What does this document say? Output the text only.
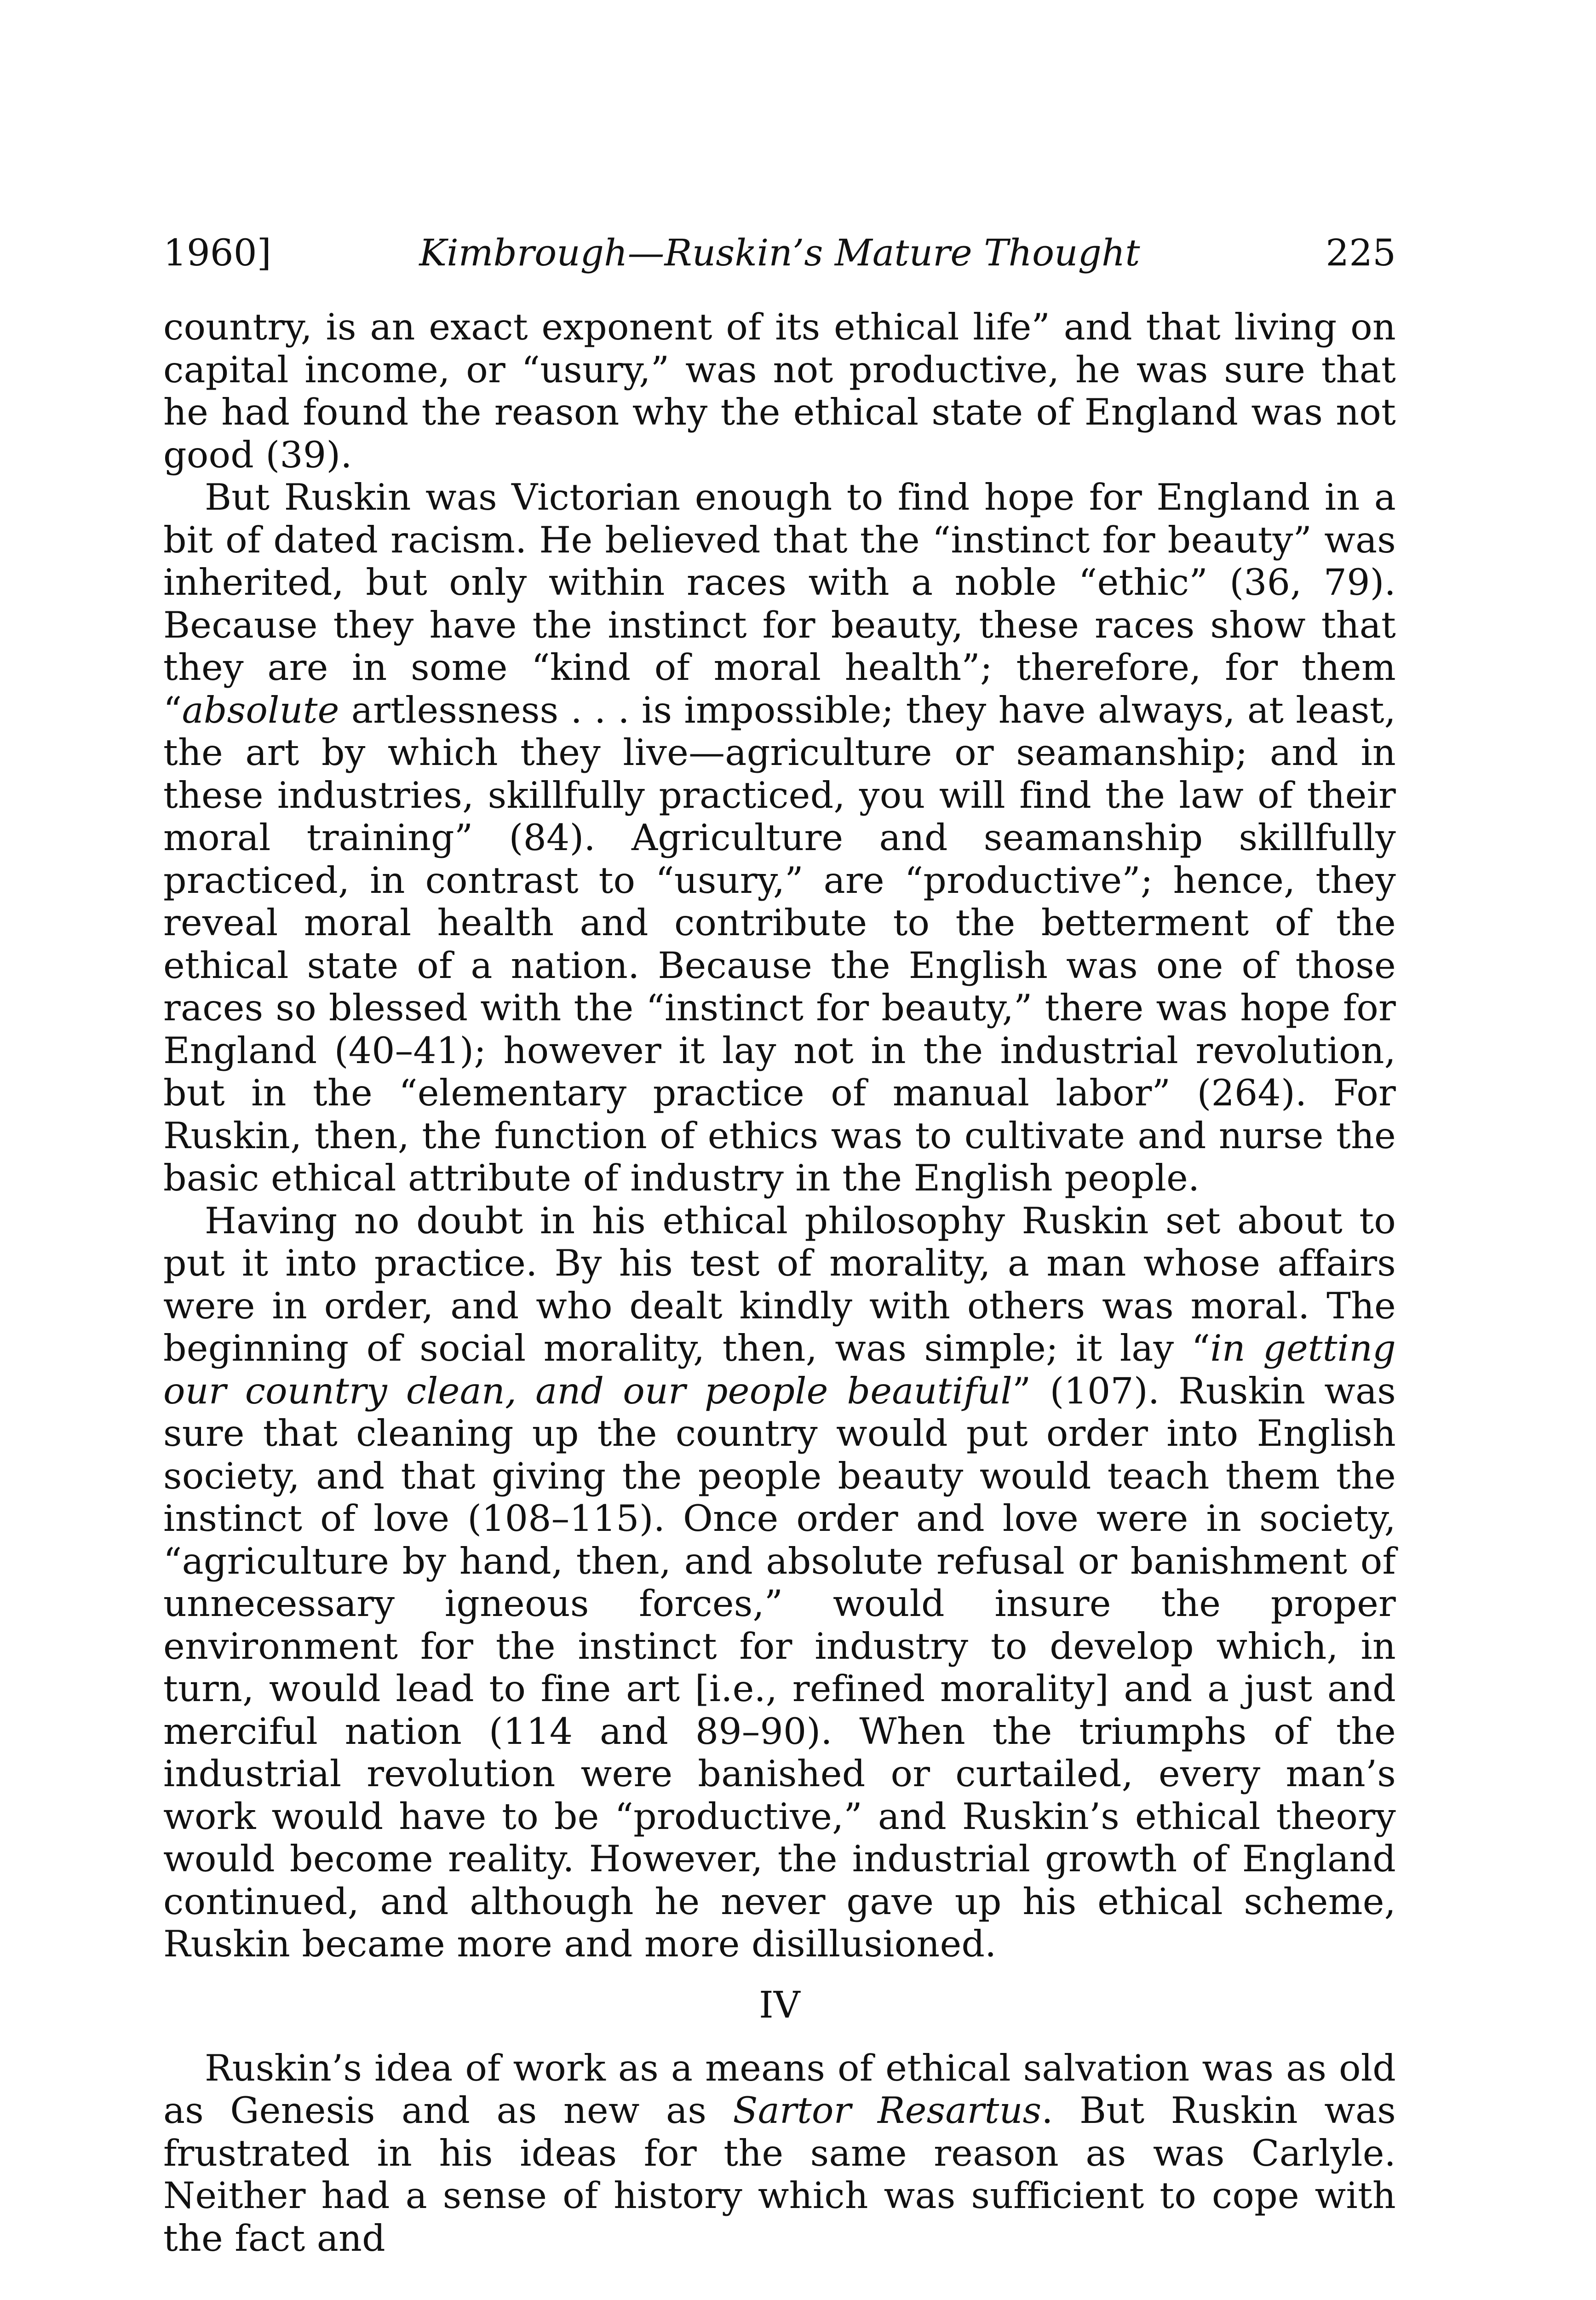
1960]	Kimbrough—Ruskin’s Mature Thought	225

country, is an exact exponent of its ethical life” and that living on capital income, or “usury,” was not productive, he was sure that he had found the reason why the ethical state of England was not good (39).

But Ruskin was Victorian enough to find hope for England in a bit of dated racism. He believed that the “instinct for beauty” was inherited, but only within races with a noble “ethic” (36, 79). Because they have the instinct for beauty, these races show that they are in some “kind of moral health”; therefore, for them “absolute artlessness . . . is impossible; they have always, at least, the art by which they live—agriculture or seamanship; and in these industries, skillfully practiced, you will find the law of their moral training” (84). Agriculture and seamanship skillfully practiced, in contrast to “usury,” are “productive”; hence, they reveal moral health and contribute to the betterment of the ethical state of a nation. Because the English was one of those races so blessed with the “instinct for beauty,” there was hope for England (40–41); however it lay not in the industrial revolution, but in the “elementary practice of manual labor” (264). For Ruskin, then, the function of ethics was to cultivate and nurse the basic ethical attribute of industry in the English people.

Having no doubt in his ethical philosophy Ruskin set about to put it into practice. By his test of morality, a man whose affairs were in order, and who dealt kindly with others was moral. The beginning of social morality, then, was simple; it lay “in getting our country clean, and our people beautiful” (107). Ruskin was sure that cleaning up the country would put order into English society, and that giving the people beauty would teach them the instinct of love (108–115). Once order and love were in society, “agriculture by hand, then, and absolute refusal or banishment of unnecessary igneous forces,” would insure the proper environment for the instinct for industry to develop which, in turn, would lead to fine art [i.e., refined morality] and a just and merciful nation (114 and 89–90). When the triumphs of the industrial revolution were banished or curtailed, every man’s work would have to be “productive,” and Ruskin’s ethical theory would become reality. However, the industrial growth of England continued, and although he never gave up his ethical scheme, Ruskin became more and more disillusioned.

IV

Ruskin’s idea of work as a means of ethical salvation was as old as Genesis and as new as Sartor Resartus. But Ruskin was frustrated in his ideas for the same reason as was Carlyle. Neither had a sense of history which was sufficient to cope with the fact and
